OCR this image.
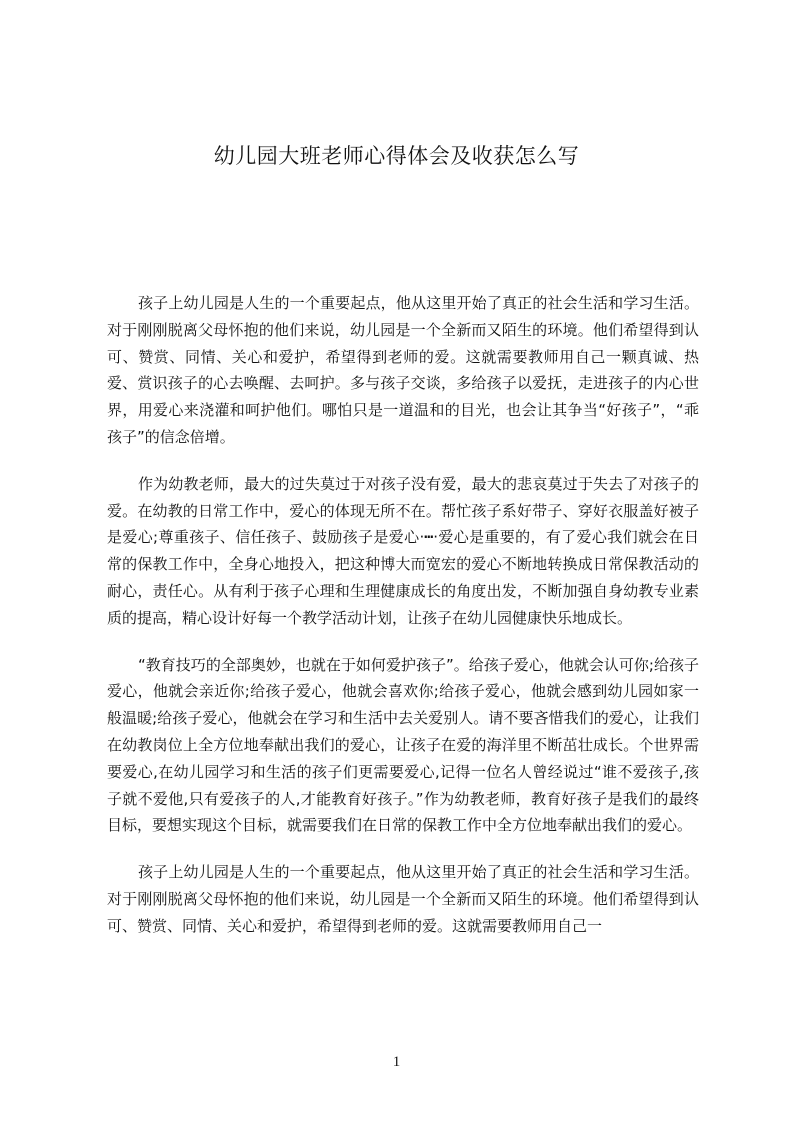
幼儿园大班老师心得体会及收获怎么写

孩子上幼儿园是人生的一个重要起点，他从这里开始了真正的社会生活和学习生活。对于刚刚脱离父母怀抱的他们来说，幼儿园是一个全新而又陌生的环境。他们希望得到认可、赞赏、同情、关心和爱护，希望得到老师的爱。这就需要教师用自己一颗真诚、热爱、赏识孩子的心去唤醒、去呵护。多与孩子交谈，多给孩子以爱抚，走进孩子的内心世界，用爱心来浇灌和呵护他们。哪怕只是一道温和的目光，也会让其争当“好孩子”，“乖孩子”的信念倍增。

作为幼教老师，最大的过失莫过于对孩子没有爱，最大的悲哀莫过于失去了对孩子的爱。在幼教的日常工作中，爱心的体现无所不在。帮忙孩子系好带子、穿好衣服盖好被子是爱心;尊重孩子、信任孩子、鼓励孩子是爱心·┅·爱心是重要的，有了爱心我们就会在日常的保教工作中，全身心地投入，把这种博大而宽宏的爱心不断地转换成日常保教活动的耐心，责任心。从有利于孩子心理和生理健康成长的角度出发，不断加强自身幼教专业素质的提高，精心设计好每一个教学活动计划，让孩子在幼儿园健康快乐地成长。

“教育技巧的全部奥妙，也就在于如何爱护孩子”。给孩子爱心，他就会认可你;给孩子爱心，他就会亲近你;给孩子爱心，他就会喜欢你;给孩子爱心，他就会感到幼儿园如家一般温暖;给孩子爱心，他就会在学习和生活中去关爱别人。请不要吝惜我们的爱心，让我们在幼教岗位上全方位地奉献出我们的爱心，让孩子在爱的海洋里不断茁壮成长。个世界需要爱心,在幼儿园学习和生活的孩子们更需要爱心,记得一位名人曾经说过“谁不爱孩子,孩子就不爱他,只有爱孩子的人,才能教育好孩子。”作为幼教老师，教育好孩子是我们的最终目标，要想实现这个目标，就需要我们在日常的保教工作中全方位地奉献出我们的爱心。

孩子上幼儿园是人生的一个重要起点，他从这里开始了真正的社会生活和学习生活。对于刚刚脱离父母怀抱的他们来说，幼儿园是一个全新而又陌生的环境。他们希望得到认可、赞赏、同情、关心和爱护，希望得到老师的爱。这就需要教师用自己一

1
